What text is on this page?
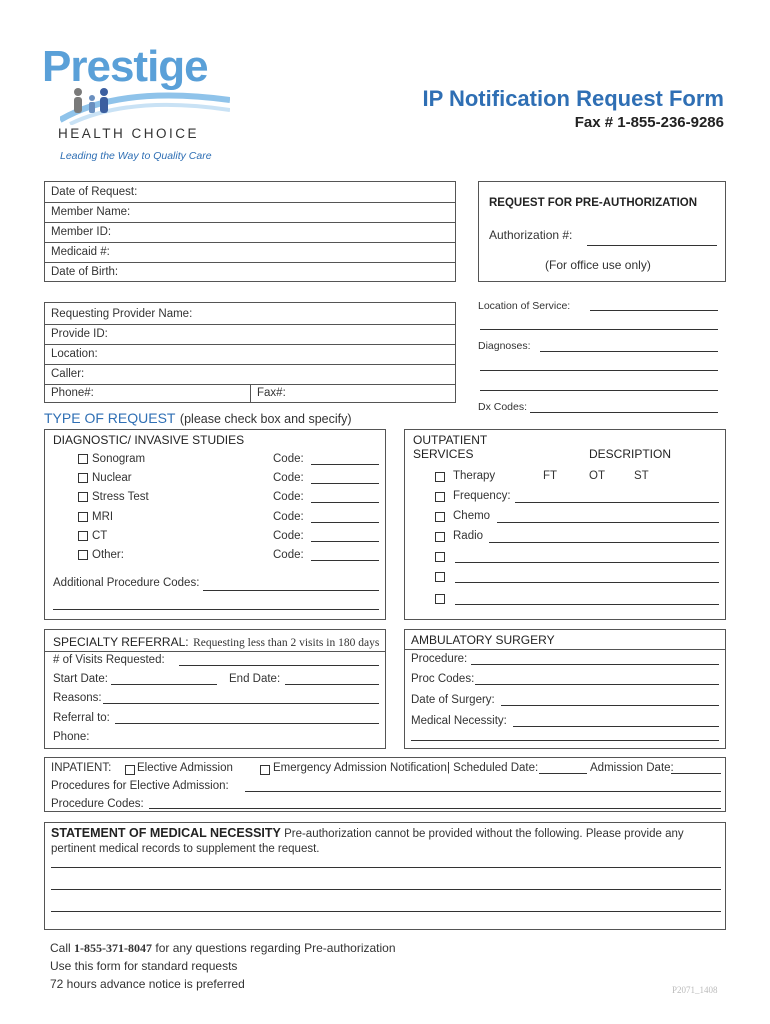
Prestige
HEALTH CHOICE
Leading the Way to Quality Care
IP Notification Request Form
Fax # 1-855-236-9286
Date of Request:
Member Name:
Member ID:
Medicaid #:
Date of Birth:
REQUEST FOR PRE-AUTHORIZATION
Authorization #:
(For office use only)
Requesting Provider Name:
Provide ID:
Location:
Caller:
Phone#:	Fax#:
Location of Service:
Diagnoses:
Dx Codes:
TYPE OF REQUEST (please check box and specify)
DIAGNOSTIC/ INVASIVE STUDIES
Sonogram	Code:
Nuclear	Code:
Stress Test	Code:
MRI	Code:
CT	Code:
Other:	Code:
Additional Procedure Codes:
OUTPATIENT
SERVICES	DESCRIPTION
Therapy	FT	OT	ST
Frequency:
Chemo
Radio
SPECIALTY REFERRAL: Requesting less than 2 visits in 180 days
# of Visits Requested:
Start Date:	End Date:
Reasons:
Referral to:
Phone:
AMBULATORY SURGERY
Procedure:
Proc Codes:
Date of Surgery:
Medical Necessity:
INPATIENT: Elective Admission	Emergency Admission Notification | Scheduled Date:	Admission Date:
Procedures for Elective Admission:
Procedure Codes:
STATEMENT OF MEDICAL NECESSITY Pre-authorization cannot be provided without the following. Please provide any pertinent medical records to supplement the request.
Call 1-855-371-8047 for any questions regarding Pre-authorization
Use this form for standard requests
72 hours advance notice is preferred	P2071_1408
